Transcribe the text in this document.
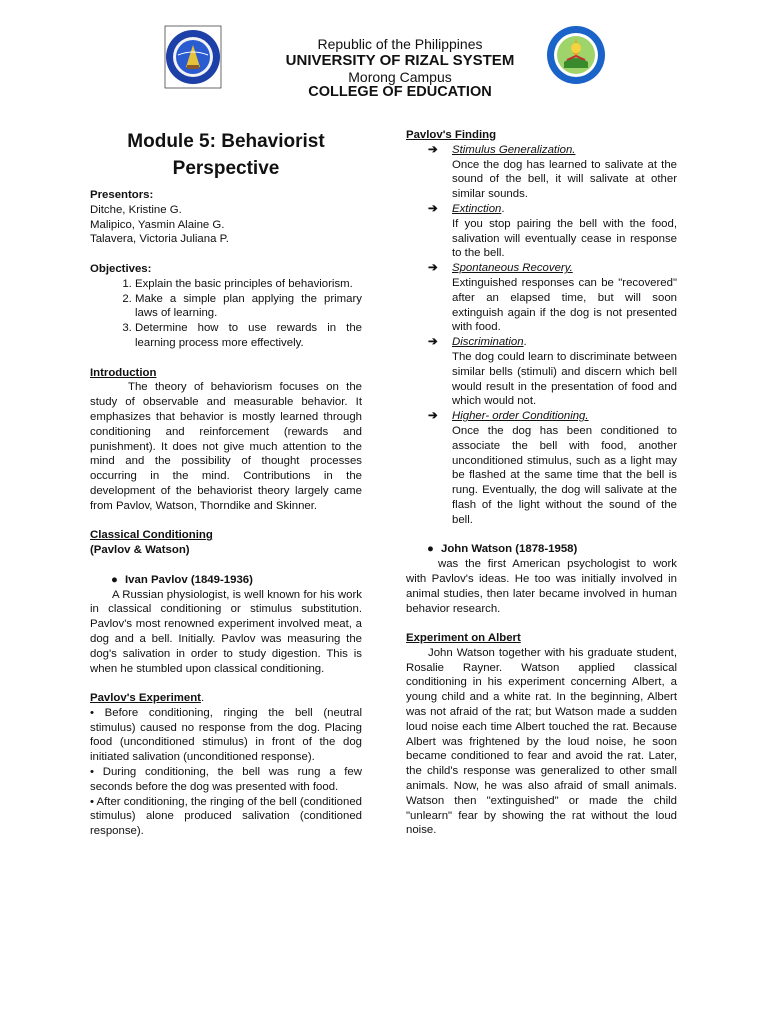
Republic of the Philippines
UNIVERSITY OF RIZAL SYSTEM
Morong Campus
COLLEGE OF EDUCATION
Module 5: Behaviorist
Perspective

Presentors:

Ditche, Kristine G.

Malipico, Yasmin Alaine G.

Talavera, Victoria Juliana P.

Objectives:

1. Explain the basic principles of behaviorism.
2. Make a simple plan applying the primary laws of learning.
3. Determine how to use rewards in the learning process more effectively.

Introduction

The theory of behaviorism focuses on the study of observable and measurable behavior. It emphasizes that behavior is mostly learned through conditioning and reinforcement (rewards and punishment). It does not give much attention to the mind and the possibility of thought processes occurring in the mind. Contributions in the development of the behaviorist theory largely came from Pavlov, Watson, Thorndike and Skinner.

Classical Conditioning

(Pavlov & Watson)

● Ivan Pavlov (1849-1936)

A Russian physiologist, is well known for his work in classical conditioning or stimulus substitution. Pavlov's most renowned experiment involved meat, a dog and a bell. Initially. Pavlov was measuring the dog's salivation in order to study digestion. This is when he stumbled upon classical conditioning.

Pavlov's Experiment.

• Before conditioning, ringing the bell (neutral stimulus) caused no response from the dog. Placing food (unconditioned stimulus) in front of the dog initiated salivation (unconditioned response).

• During conditioning, the bell was rung a few seconds before the dog was presented with food.

• After conditioning, the ringing of the bell (conditioned stimulus) alone produced salivation (conditioned response).

Pavlov's Finding

➔ Stimulus Generalization.

Once the dog has learned to salivate at the sound of the bell, it will salivate at other similar sounds.

➔ Extinction.

If you stop pairing the bell with the food, salivation will eventually cease in response to the bell.

➔ Spontaneous Recovery.

Extinguished responses can be "recovered" after an elapsed time, but will soon extinguish again if the dog is not presented with food.

➔ Discrimination.

The dog could learn to discriminate between similar bells (stimuli) and discern which bell would result in the presentation of food and which would not.

➔ Higher- order Conditioning.

Once the dog has been conditioned to associate the bell with food, another unconditioned stimulus, such as a light may be flashed at the same time that the bell is rung. Eventually, the dog will salivate at the flash of the light without the sound of the bell.

● John Watson (1878-1958)

was the first American psychologist to work with Pavlov's ideas. He too was initially involved in animal studies, then later became involved in human behavior research.

Experiment on Albert

John Watson together with his graduate student, Rosalie Rayner. Watson applied classical conditioning in his experiment concerning Albert, a young child and a white rat. In the beginning, Albert was not afraid of the rat; but Watson made a sudden loud noise each time Albert touched the rat. Because Albert was frightened by the loud noise, he soon became conditioned to fear and avoid the rat. Later, the child's response was generalized to other small animals. Now, he was also afraid of small animals. Watson then "extinguished" or made the child "unlearn" fear by showing the rat without the loud noise.
